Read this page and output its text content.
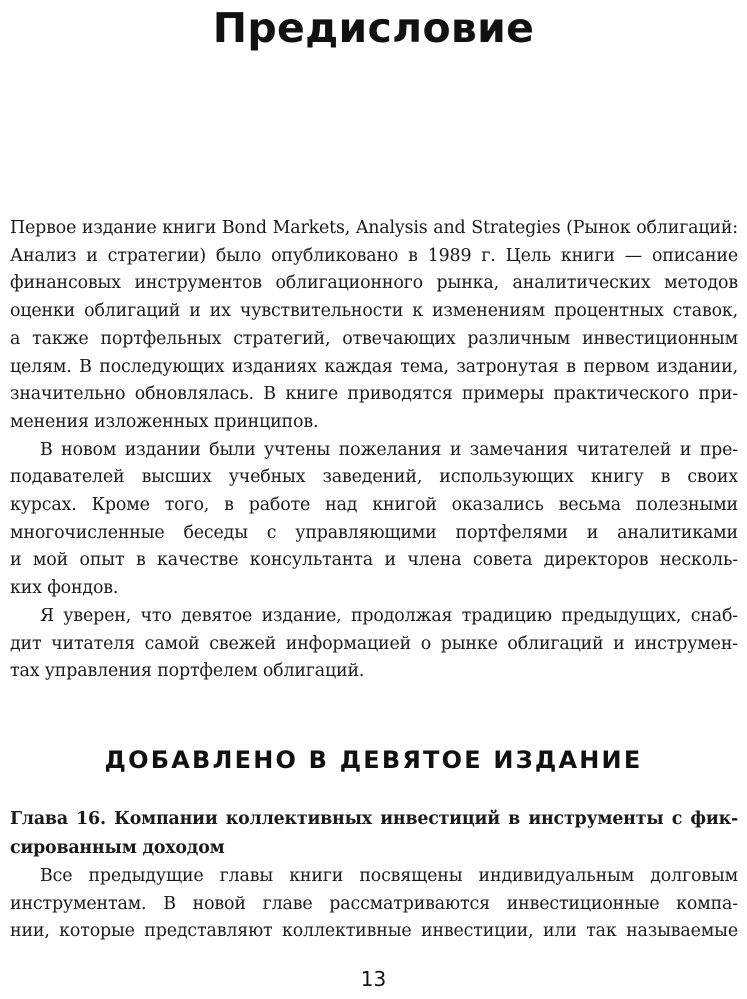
Предисловие

Первое издание книги Bond Markets, Analysis and Strategies (Рынок облигаций:
Анализ и стратегии) было опубликовано в 1989 г. Цель книги — описание
финансовых инструментов облигационного рынка, аналитических методов
оценки облигаций и их чувствительности к изменениям процентных ставок,
а также портфельных стратегий, отвечающих различным инвестиционным
целям. В последующих изданиях каждая тема, затронутая в первом издании,
значительно обновлялась. В книге приводятся примеры практического при-
менения изложенных принципов.

В новом издании были учтены пожелания и замечания читателей и пре-
подавателей высших учебных заведений, использующих книгу в своих
курсах. Кроме того, в работе над книгой оказались весьма полезными
многочисленные беседы с управляющими портфелями и аналитиками
и мой опыт в качестве консультанта и члена совета директоров несколь-
ких фондов.

Я уверен, что девятое издание, продолжая традицию предыдущих, снаб-
дит читателя самой свежей информацией о рынке облигаций и инструмен-
тах управления портфелем облигаций.

ДОБАВЛЕНО В ДЕВЯТОЕ ИЗДАНИЕ

Глава 16. Компании коллективных инвестиций в инструменты с фик-
сированным доходом

Все предыдущие главы книги посвящены индивидуальным долговым
инструментам. В новой главе рассматриваются инвестиционные компа-
нии, которые представляют коллективные инвестиции, или так называемые

13
